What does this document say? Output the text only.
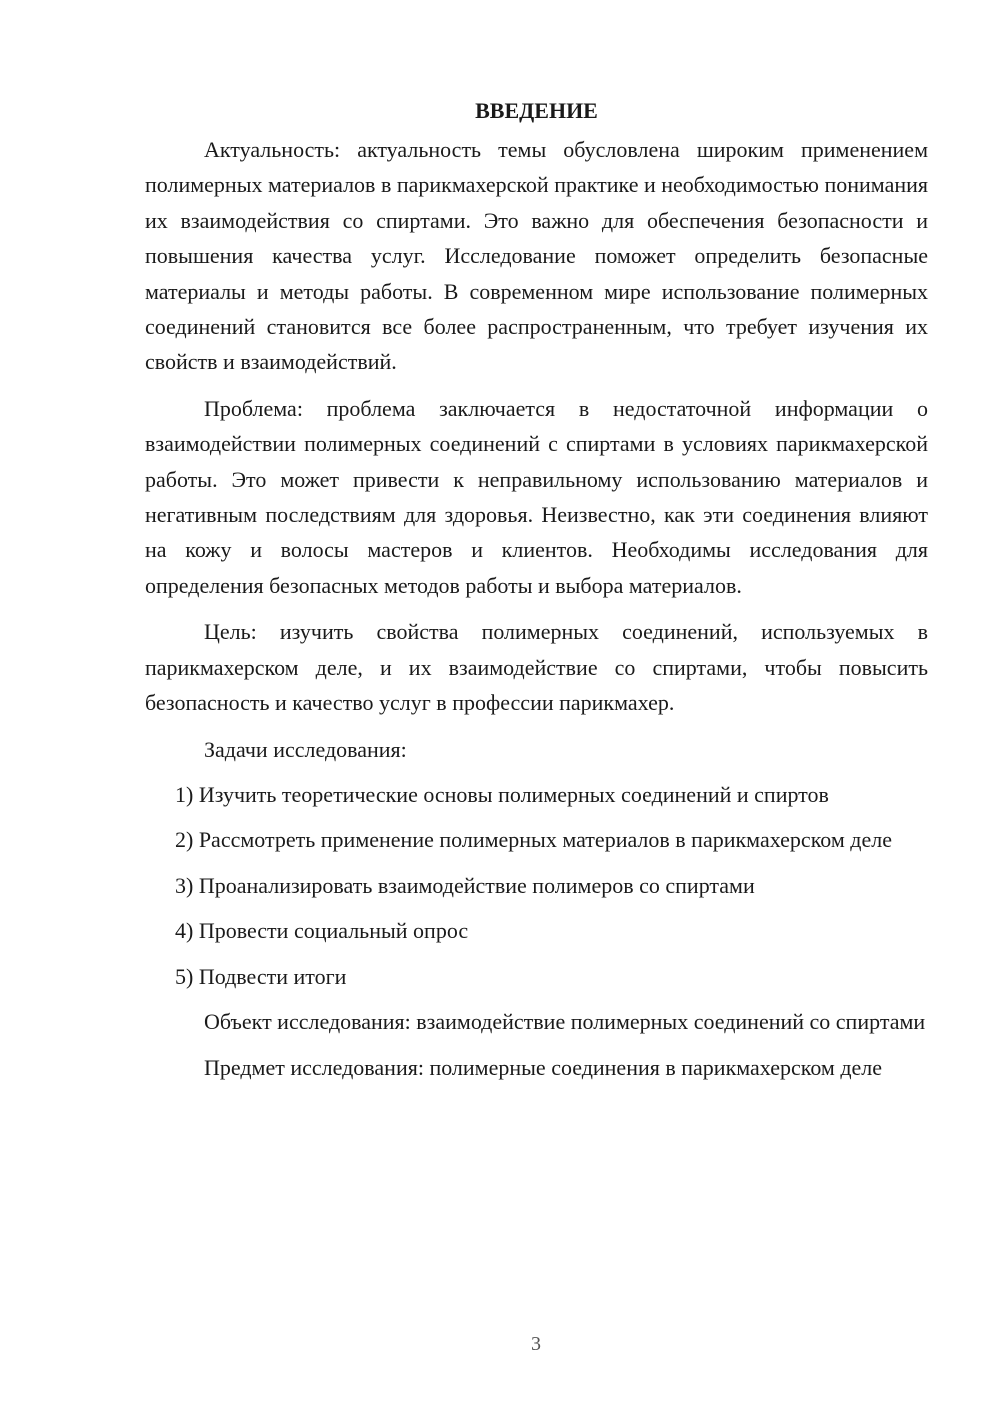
ВВЕДЕНИЕ

Актуальность: актуальность темы обусловлена широким применением полимерных материалов в парикмахерской практике и необходимостью понимания их взаимодействия со спиртами. Это важно для обеспечения безопасности и повышения качества услуг. Исследование поможет определить безопасные материалы и методы работы. В современном мире использование полимерных соединений становится все более распространенным, что требует изучения их свойств и взаимодействий.

Проблема: проблема заключается в недостаточной информации о взаимодействии полимерных соединений с спиртами в условиях парикмахерской работы. Это может привести к неправильному использованию материалов и негативным последствиям для здоровья. Неизвестно, как эти соединения влияют на кожу и волосы мастеров и клиентов. Необходимы исследования для определения безопасных методов работы и выбора материалов.

Цель: изучить свойства полимерных соединений, используемых в парикмахерском деле, и их взаимодействие со спиртами, чтобы повысить безопасность и качество услуг в профессии парикмахер.

Задачи исследования:

1) Изучить теоретические основы полимерных соединений и спиртов

2) Рассмотреть применение полимерных материалов в парикмахерском деле

3) Проанализировать взаимодействие полимеров со спиртами

4) Провести социальный опрос

5) Подвести итоги

Объект исследования: взаимодействие полимерных соединений со спиртами

Предмет исследования: полимерные соединения в парикмахерском деле

3
